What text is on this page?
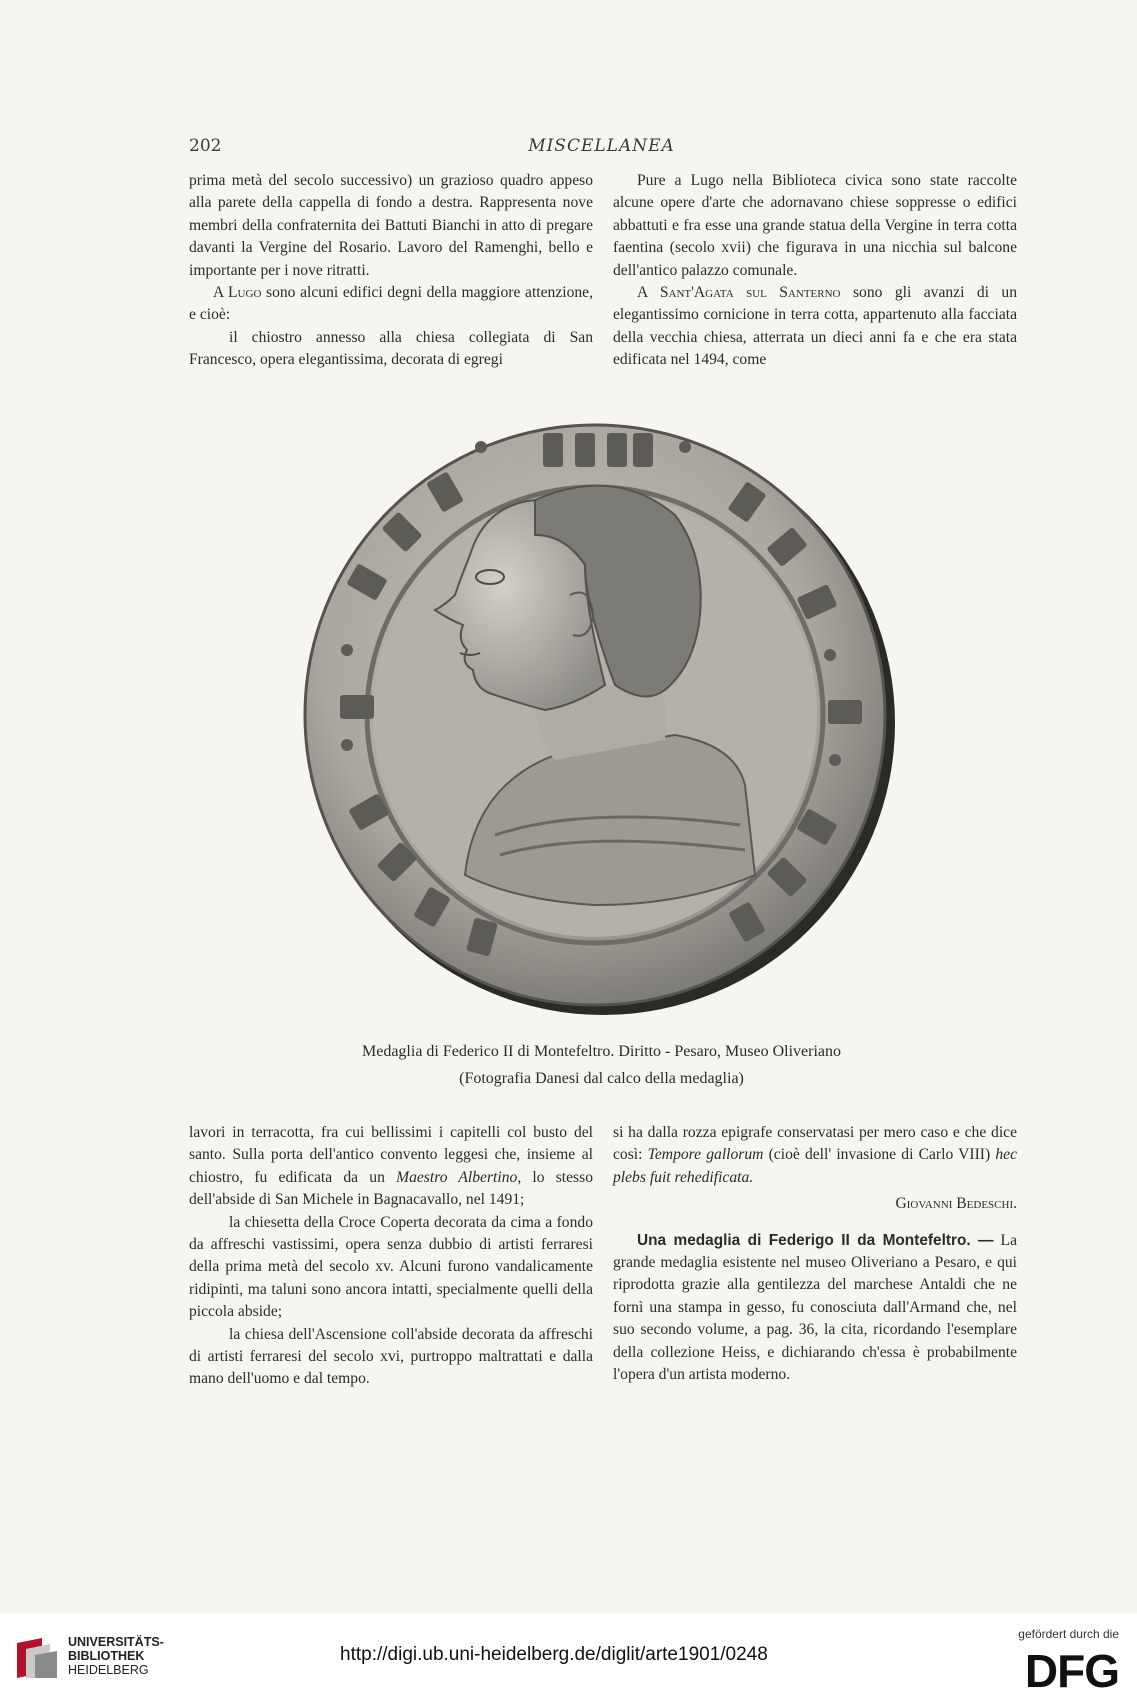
202	MISCELLANEA

prima metà del secolo successivo) un grazioso quadro appeso alla parete della cappella di fondo a destra. Rappresenta nove membri della confraternita dei Battuti Bianchi in atto di pregare davanti la Vergine del Rosario. Lavoro del Ramenghi, bello e importante per i nove ritratti.

A Lugo sono alcuni edifici degni della maggiore attenzione, e cioè:

il chiostro annesso alla chiesa collegiata di San Francesco, opera elegantissima, decorata di egregi

Pure a Lugo nella Biblioteca civica sono state raccolte alcune opere d'arte che adornavano chiese soppresse o edifici abbattuti e fra esse una grande statua della Vergine in terra cotta faentina (secolo xvii) che figurava in una nicchia sul balcone dell'antico palazzo comunale.

A Sant'Agata sul Santerno sono gli avanzi di un elegantissimo cornicione in terra cotta, appartenuto alla facciata della vecchia chiesa, atterrata un dieci anni fa e che era stata edificata nel 1494, come

Medaglia di Federico II di Montefeltro. Diritto - Pesaro, Museo Oliveriano
(Fotografia Danesi dal calco della medaglia)

lavori in terracotta, fra cui bellissimi i capitelli col busto del santo. Sulla porta dell'antico convento leggesi che, insieme al chiostro, fu edificata da un Maestro Albertino, lo stesso dell'abside di San Michele in Bagnacavallo, nel 1491;

la chiesetta della Croce Coperta decorata da cima a fondo da affreschi vastissimi, opera senza dubbio di artisti ferraresi della prima metà del secolo xv. Alcuni furono vandalicamente ridipinti, ma taluni sono ancora intatti, specialmente quelli della piccola abside;

la chiesa dell'Ascensione coll'abside decorata da affreschi di artisti ferraresi del secolo xvi, purtroppo maltrattati e dalla mano dell'uomo e dal tempo.

si ha dalla rozza epigrafe conservatasi per mero caso e che dice così: Tempore gallorum (cioè dell' invasione di Carlo VIII) hec plebs fuit rehedificata.

Giovanni Bedeschi.

Una medaglia di Federigo II da Montefeltro. — La grande medaglia esistente nel museo Oliveriano a Pesaro, e qui riprodotta grazie alla gentilezza del marchese Antaldi che ne fornì una stampa in gesso, fu conosciuta dall'Armand che, nel suo secondo volume, a pag. 36, la cita, ricordando l'esemplare della collezione Heiss, e dichiarando ch'essa è probabilmente l'opera d'un artista moderno.

UNIVERSITÄTS-
BIBLIOTHEK
HEIDELBERG
http://digi.ub.uni-heidelberg.de/diglit/arte1901/0248
gefördert durch die
DFG
